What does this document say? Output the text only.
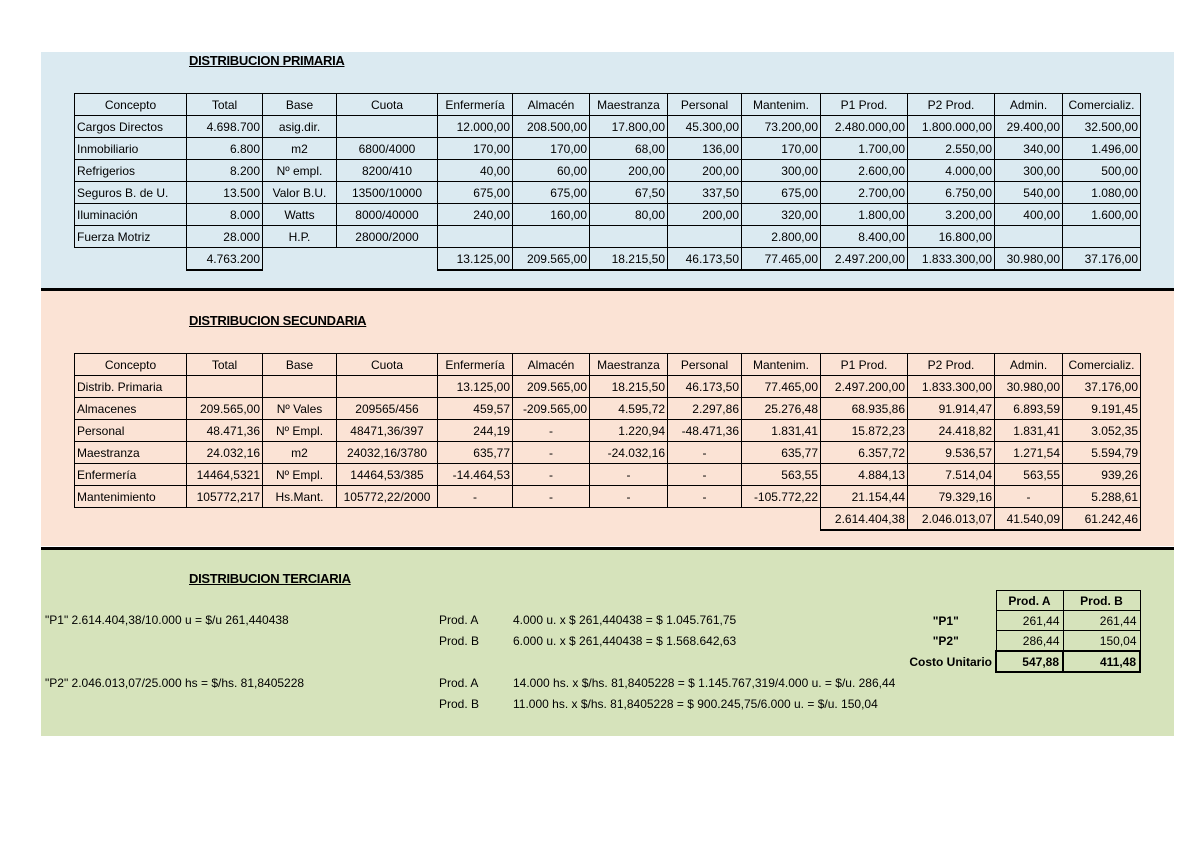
DISTRIBUCION PRIMARIA
DISTRIBUCION SECUNDARIA
DISTRIBUCION TERCIARIA
Concepto	Total	Base	Cuota	Enfermería	Almacén	Maestranza	Personal	Mantenim.	P1 Prod.	P2 Prod.	Admin.	Comercializ.
Cargos Directos	4.698.700	asig.dir.		12.000,00	208.500,00	17.800,00	45.300,00	73.200,00	2.480.000,00	1.800.000,00	29.400,00	32.500,00
Inmobiliario	6.800	m2	6800/4000	170,00	170,00	68,00	136,00	170,00	1.700,00	2.550,00	340,00	1.496,00
Refrigerios	8.200	Nº empl.	8200/410	40,00	60,00	200,00	200,00	300,00	2.600,00	4.000,00	300,00	500,00
Seguros B. de U.	13.500	Valor B.U.	13500/10000	675,00	675,00	67,50	337,50	675,00	2.700,00	6.750,00	540,00	1.080,00
Iluminación	8.000	Watts	8000/40000	240,00	160,00	80,00	200,00	320,00	1.800,00	3.200,00	400,00	1.600,00
Fuerza Motriz	28.000	H.P.	28000/2000					2.800,00	8.400,00	16.800,00		
	4.763.200			13.125,00	209.565,00	18.215,50	46.173,50	77.465,00	2.497.200,00	1.833.300,00	30.980,00	37.176,00
Concepto	Total	Base	Cuota	Enfermería	Almacén	Maestranza	Personal	Mantenim.	P1 Prod.	P2 Prod.	Admin.	Comercializ.
Distrib. Primaria				13.125,00	209.565,00	18.215,50	46.173,50	77.465,00	2.497.200,00	1.833.300,00	30.980,00	37.176,00
Almacenes	209.565,00	Nº Vales	209565/456	459,57	-209.565,00	4.595,72	2.297,86	25.276,48	68.935,86	91.914,47	6.893,59	9.191,45
Personal	48.471,36	Nº Empl.	48471,36/397	244,19	-	1.220,94	-48.471,36	1.831,41	15.872,23	24.418,82	1.831,41	3.052,35
Maestranza	24.032,16	m2	24032,16/3780	635,77	-	-24.032,16	-	635,77	6.357,72	9.536,57	1.271,54	5.594,79
Enfermería	14464,5321	Nº Empl.	14464,53/385	-14.464,53	-	-	-	563,55	4.884,13	7.514,04	563,55	939,26
Mantenimiento	105772,217	Hs.Mant.	105772,22/2000	-	-	-	-	-105.772,22	21.154,44	79.329,16	-	5.288,61
									2.614.404,38	2.046.013,07	41.540,09	61.242,46
"P1" 2.614.404,38/10.000 u = $/u 261,440438
"P2" 2.046.013,07/25.000 hs = $/hs. 81,8405228
Prod. A	4.000 u. x $ 261,440438 = $ 1.045.761,75
Prod. B	6.000 u. x $ 261,440438 = $ 1.568.642,63
Prod. A	14.000 hs. x $/hs. 81,8405228 = $ 1.145.767,319/4.000 u. = $/u. 286,44
Prod. B	11.000 hs. x $/hs. 81,8405228 = $ 900.245,75/6.000 u. = $/u. 150,04
	Prod. A	Prod. B
"P1"	261,44	261,44
"P2"	286,44	150,04
Costo Unitario	547,88	411,48
